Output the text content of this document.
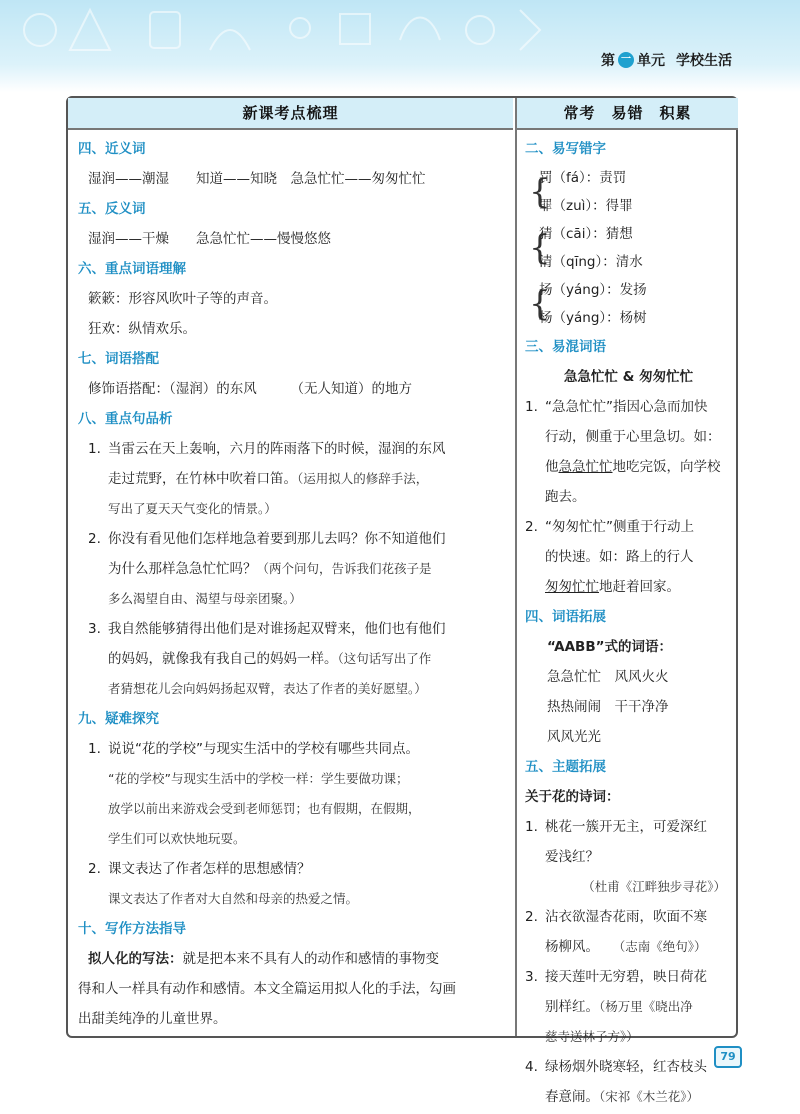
第 一 单元 学校生活
新课考点梳理
四、近义词
湿润——潮湿　　知道——知晓　急急忙忙——匆匆忙忙
五、反义词
湿润——干燥　　急急忙忙——慢慢悠悠
六、重点词语理解
簌簌：形容风吹叶子等的声音。
狂欢：纵情欢乐。
七、词语搭配
修饰语搭配：（湿润）的东风　　　（无人知道）的地方
八、重点句品析
1. 当雷云在天上轰响，六月的阵雨落下的时候，湿润的东风
走过荒野，在竹林中吹着口笛。（运用拟人的修辞手法，
写出了夏天天气变化的情景。）
2. 你没有看见他们怎样地急着要到那儿去吗？你不知道他们
为什么那样急急忙忙吗？（两个问句，告诉我们花孩子是
多么渴望自由、渴望与母亲团聚。）
3. 我自然能够猜得出他们是对谁扬起双臂来，他们也有他们
的妈妈，就像我有我自己的妈妈一样。（这句话写出了作
者猜想花儿会向妈妈扬起双臂，表达了作者的美好愿望。）
九、疑难探究
1. 说说“花的学校”与现实生活中的学校有哪些共同点。
“花的学校”与现实生活中的学校一样：学生要做功课；
放学以前出来游戏会受到老师惩罚；也有假期，在假期，
学生们可以欢快地玩耍。
2. 课文表达了作者怎样的思想感情？
课文表达了作者对大自然和母亲的热爱之情。
十、写作方法指导
拟人化的写法：就是把本来不具有人的动作和感情的事物变
得和人一样具有动作和感情。本文全篇运用拟人化的手法，勾画
出甜美纯净的儿童世界。
常考　易错　积累
二、易写错字
{
罚（fá）：责罚
罪（zuì）：得罪
{
猜（cāi）：猜想
清（qīng）：清水
{
扬（yáng）：发扬
杨（yáng）：杨树
三、易混词语
急急忙忙 & 匆匆忙忙
1. “急急忙忙”指因心急而加快
行动，侧重于心里急切。如：
他急急忙忙地吃完饭，向学校
跑去。
2. “匆匆忙忙”侧重于行动上
的快速。如：路上的行人
匆匆忙忙地赶着回家。
四、词语拓展
“AABB”式的词语：
急急忙忙　风风火火
热热闹闹　干干净净
风风光光
五、主题拓展
关于花的诗词：
1. 桃花一簇开无主，可爱深红
爱浅红？
（杜甫《江畔独步寻花》）
2. 沾衣欲湿杏花雨，吹面不寒
杨柳风。 （志南《绝句》）
3. 接天莲叶无穷碧，映日荷花
别样红。（杨万里《晓出净
慈寺送林子方》）
4. 绿杨烟外晓寒轻，红杏枝头
春意闹。（宋祁《木兰花》）
79
